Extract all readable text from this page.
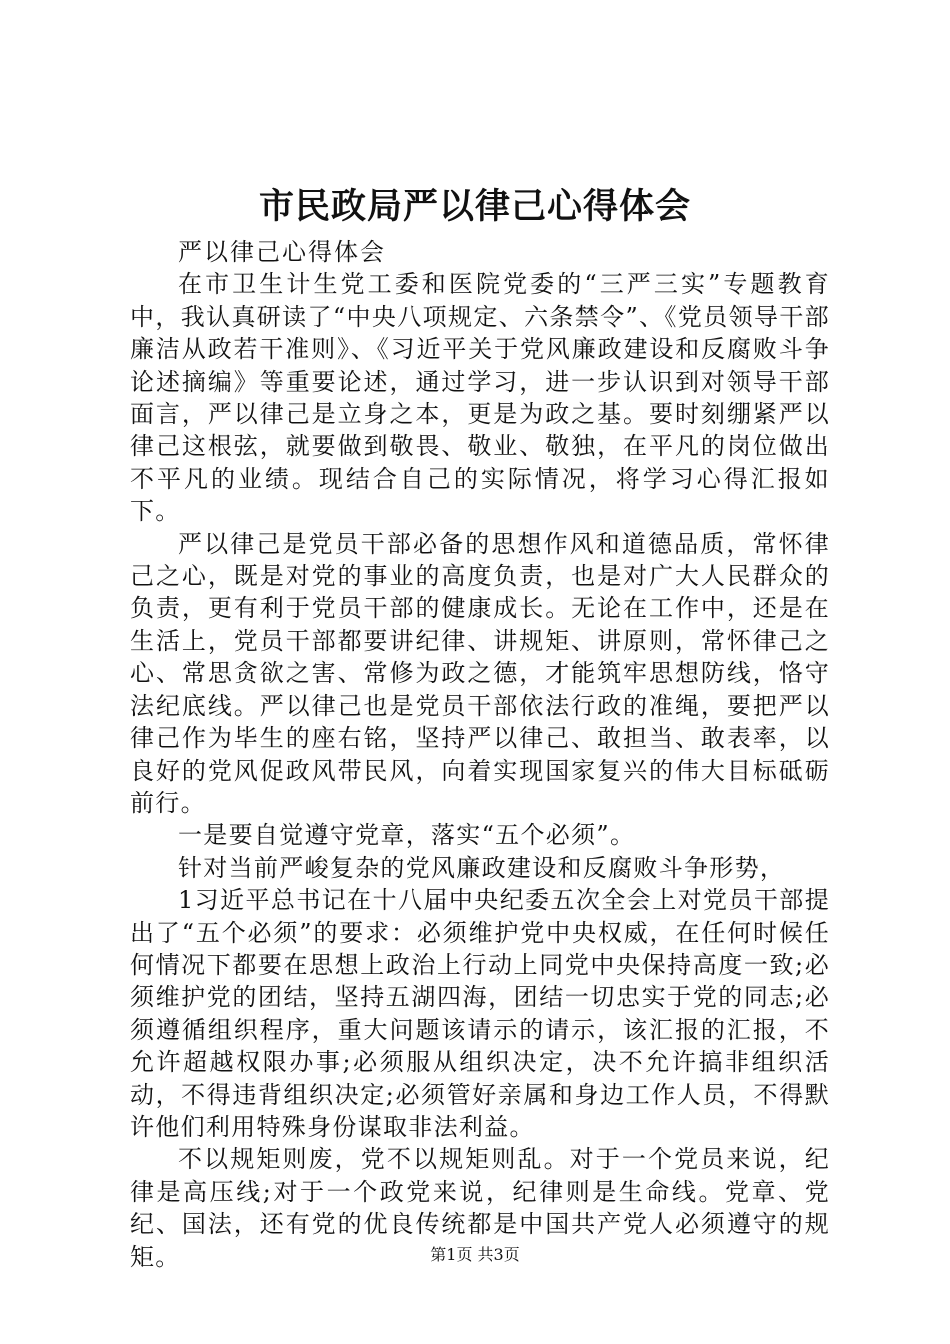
市民政局严以律己心得体会

严以律己心得体会

在市卫生计生党工委和医院党委的“三严三实”专题教育中，我认真研读了“中央八项规定、六条禁令”、《党员领导干部廉洁从政若干准则》、《习近平关于党风廉政建设和反腐败斗争论述摘编》等重要论述，通过学习，进一步认识到对领导干部面言，严以律己是立身之本，更是为政之基。要时刻绷紧严以律己这根弦，就要做到敬畏、敬业、敬独，在平凡的岗位做出不平凡的业绩。现结合自己的实际情况，将学习心得汇报如下。

严以律己是党员干部必备的思想作风和道德品质，常怀律己之心，既是对党的事业的高度负责，也是对广大人民群众的负责，更有利于党员干部的健康成长。无论在工作中，还是在生活上，党员干部都要讲纪律、讲规矩、讲原则，常怀律己之心、常思贪欲之害、常修为政之德，才能筑牢思想防线，恪守法纪底线。严以律己也是党员干部依法行政的准绳，要把严以律己作为毕生的座右铭，坚持严以律己、敢担当、敢表率，以良好的党风促政风带民风，向着实现国家复兴的伟大目标砥砺前行。

一是要自觉遵守党章，落实“五个必须”。

针对当前严峻复杂的党风廉政建设和反腐败斗争形势，

1习近平总书记在十八届中央纪委五次全会上对党员干部提出了“五个必须”的要求：必须维护党中央权威，在任何时候任何情况下都要在思想上政治上行动上同党中央保持高度一致;必须维护党的团结，坚持五湖四海，团结一切忠实于党的同志;必须遵循组织程序，重大问题该请示的请示，该汇报的汇报，不允许超越权限办事;必须服从组织决定，决不允许搞非组织活动，不得违背组织决定;必须管好亲属和身边工作人员，不得默许他们利用特殊身份谋取非法利益。

不以规矩则废，党不以规矩则乱。对于一个党员来说，纪律是高压线;对于一个政党来说，纪律则是生命线。党章、党纪、国法，还有党的优良传统都是中国共产党人必须遵守的规矩。	第1页 共3页
